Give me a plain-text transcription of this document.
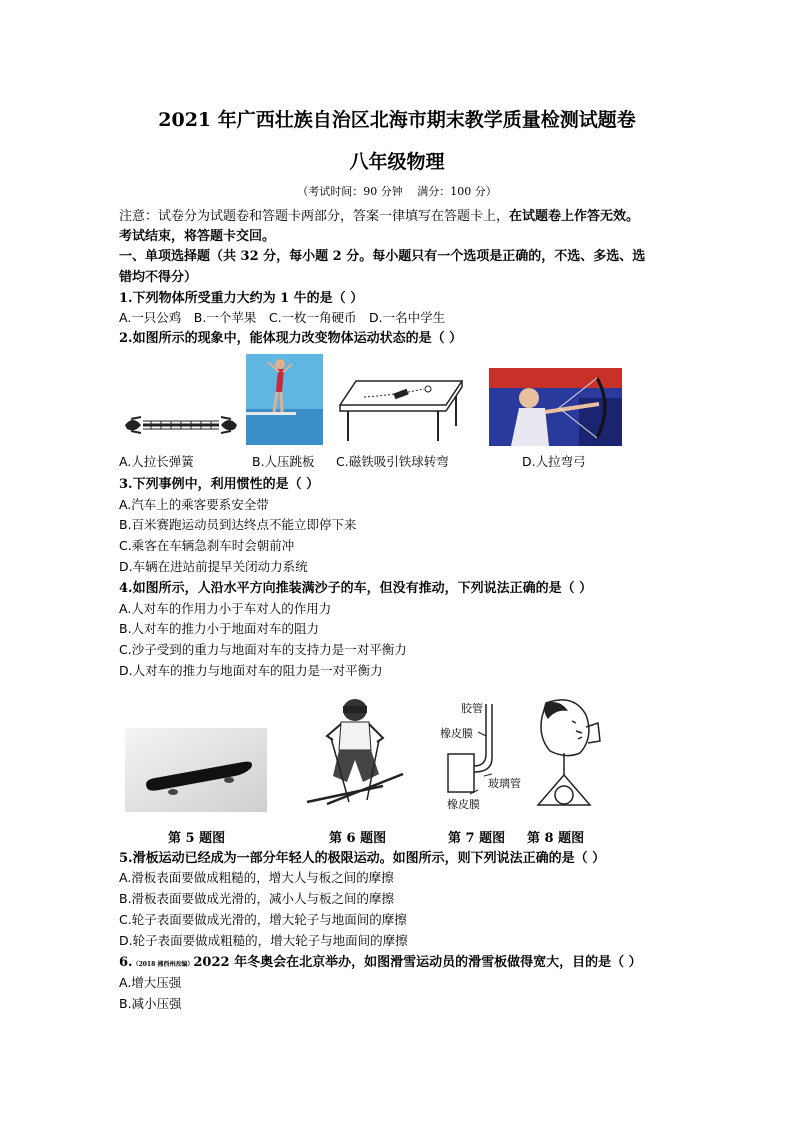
2021 年广西壮族自治区北海市期末教学质量检测试题卷
八年级物理
（考试时间：90 分钟　 满分：100 分）
注意：试卷分为试题卷和答题卡两部分，答案一律填写在答题卡上，在试题卷上作答无效。
考试结束，将答题卡交回。
一、单项选择题（共 32 分，每小题 2 分。每小题只有一个选项是正确的，不选、多选、选
错均不得分）
1.下列物体所受重力大约为 1 牛的是（ ）
A.一只公鸡　B.一个苹果　C.一枚一角硬币　D.一名中学生
2.如图所示的现象中，能体现力改变物体运动状态的是（ ）
A.人拉长弹簧	B.人压跳板 C.磁铁吸引铁球转弯	D.人拉弯弓
3.下列事例中，利用惯性的是（ ）
A.汽车上的乘客要系安全带
B.百米赛跑运动员到达终点不能立即停下来
C.乘客在车辆急刹车时会朝前冲
D.车辆在进站前提早关闭动力系统
4.如图所示，人沿水平方向推装满沙子的车，但没有推动，下列说法正确的是（ ）
A.人对车的作用力小于车对人的作用力
B.人对车的推力小于地面对车的阻力
C.沙子受到的重力与地面对车的支持力是一对平衡力
D.人对车的推力与地面对车的阻力是一对平衡力
胶管
橡皮膜
玻璃管
橡皮膜
第 5 题图	第 6 题图	第 7 题图 第 8 题图
5.滑板运动已经成为一部分年轻人的极限运动。如图所示，则下列说法正确的是（ ）
A.滑板表面要做成粗糙的，增大人与板之间的摩擦
B.滑板表面要做成光滑的，减小人与板之间的摩擦
C.轮子表面要做成光滑的，增大轮子与地面间的摩擦
D.轮子表面要做成粗糙的，增大轮子与地面间的摩擦
6.（2018 湘西州改编）2022 年冬奥会在北京举办，如图滑雪运动员的滑雪板做得宽大，目的是（ ）
A.增大压强
B.减小压强
